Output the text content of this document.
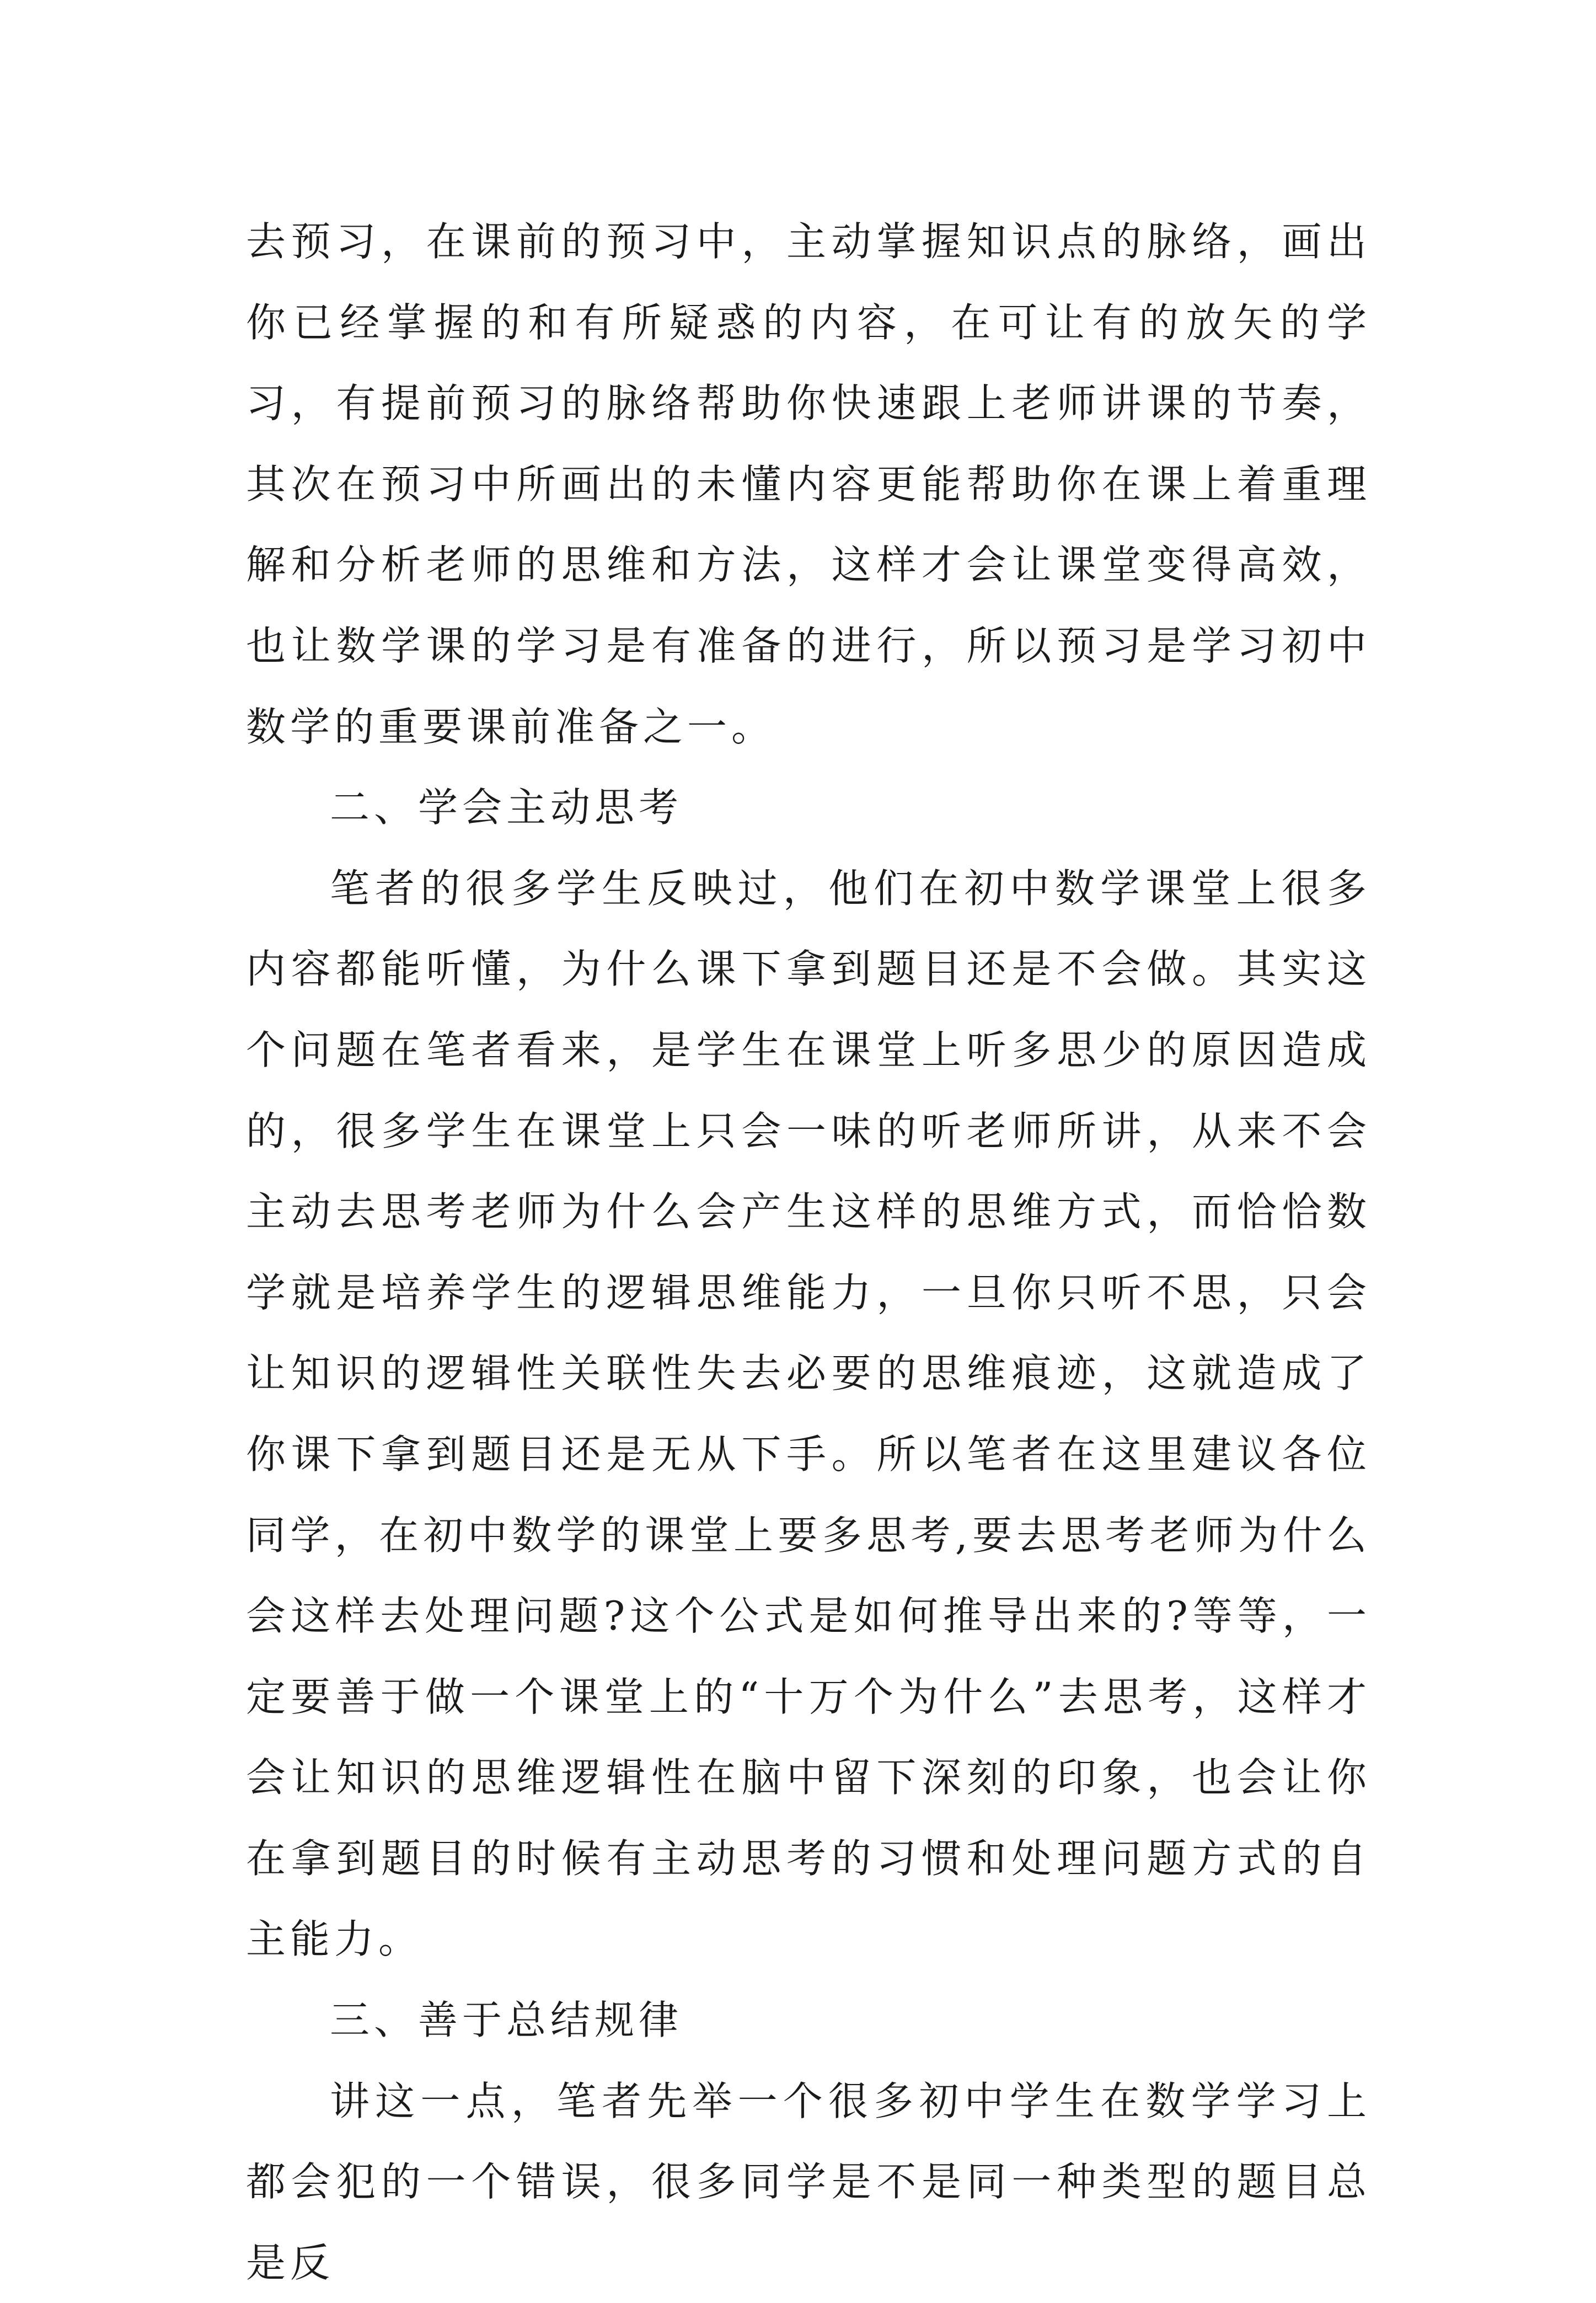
去预习，在课前的预习中，主动掌握知识点的脉络，画出你已经掌握的和有所疑惑的内容，在可让有的放矢的学习，有提前预习的脉络帮助你快速跟上老师讲课的节奏，其次在预习中所画出的未懂内容更能帮助你在课上着重理解和分析老师的思维和方法，这样才会让课堂变得高效，也让数学课的学习是有准备的进行，所以预习是学习初中数学的重要课前准备之一。

二、学会主动思考

笔者的很多学生反映过，他们在初中数学课堂上很多内容都能听懂，为什么课下拿到题目还是不会做。其实这个问题在笔者看来，是学生在课堂上听多思少的原因造成的，很多学生在课堂上只会一味的听老师所讲，从来不会主动去思考老师为什么会产生这样的思维方式，而恰恰数学就是培养学生的逻辑思维能力，一旦你只听不思，只会让知识的逻辑性关联性失去必要的思维痕迹，这就造成了你课下拿到题目还是无从下手。所以笔者在这里建议各位同学，在初中数学的课堂上要多思考,要去思考老师为什么会这样去处理问题?这个公式是如何推导出来的?等等，一定要善于做一个课堂上的“十万个为什么”去思考，这样才会让知识的思维逻辑性在脑中留下深刻的印象，也会让你在拿到题目的时候有主动思考的习惯和处理问题方式的自主能力。

三、善于总结规律

讲这一点，笔者先举一个很多初中学生在数学学习上都会犯的一个错误，很多同学是不是同一种类型的题目总是反
